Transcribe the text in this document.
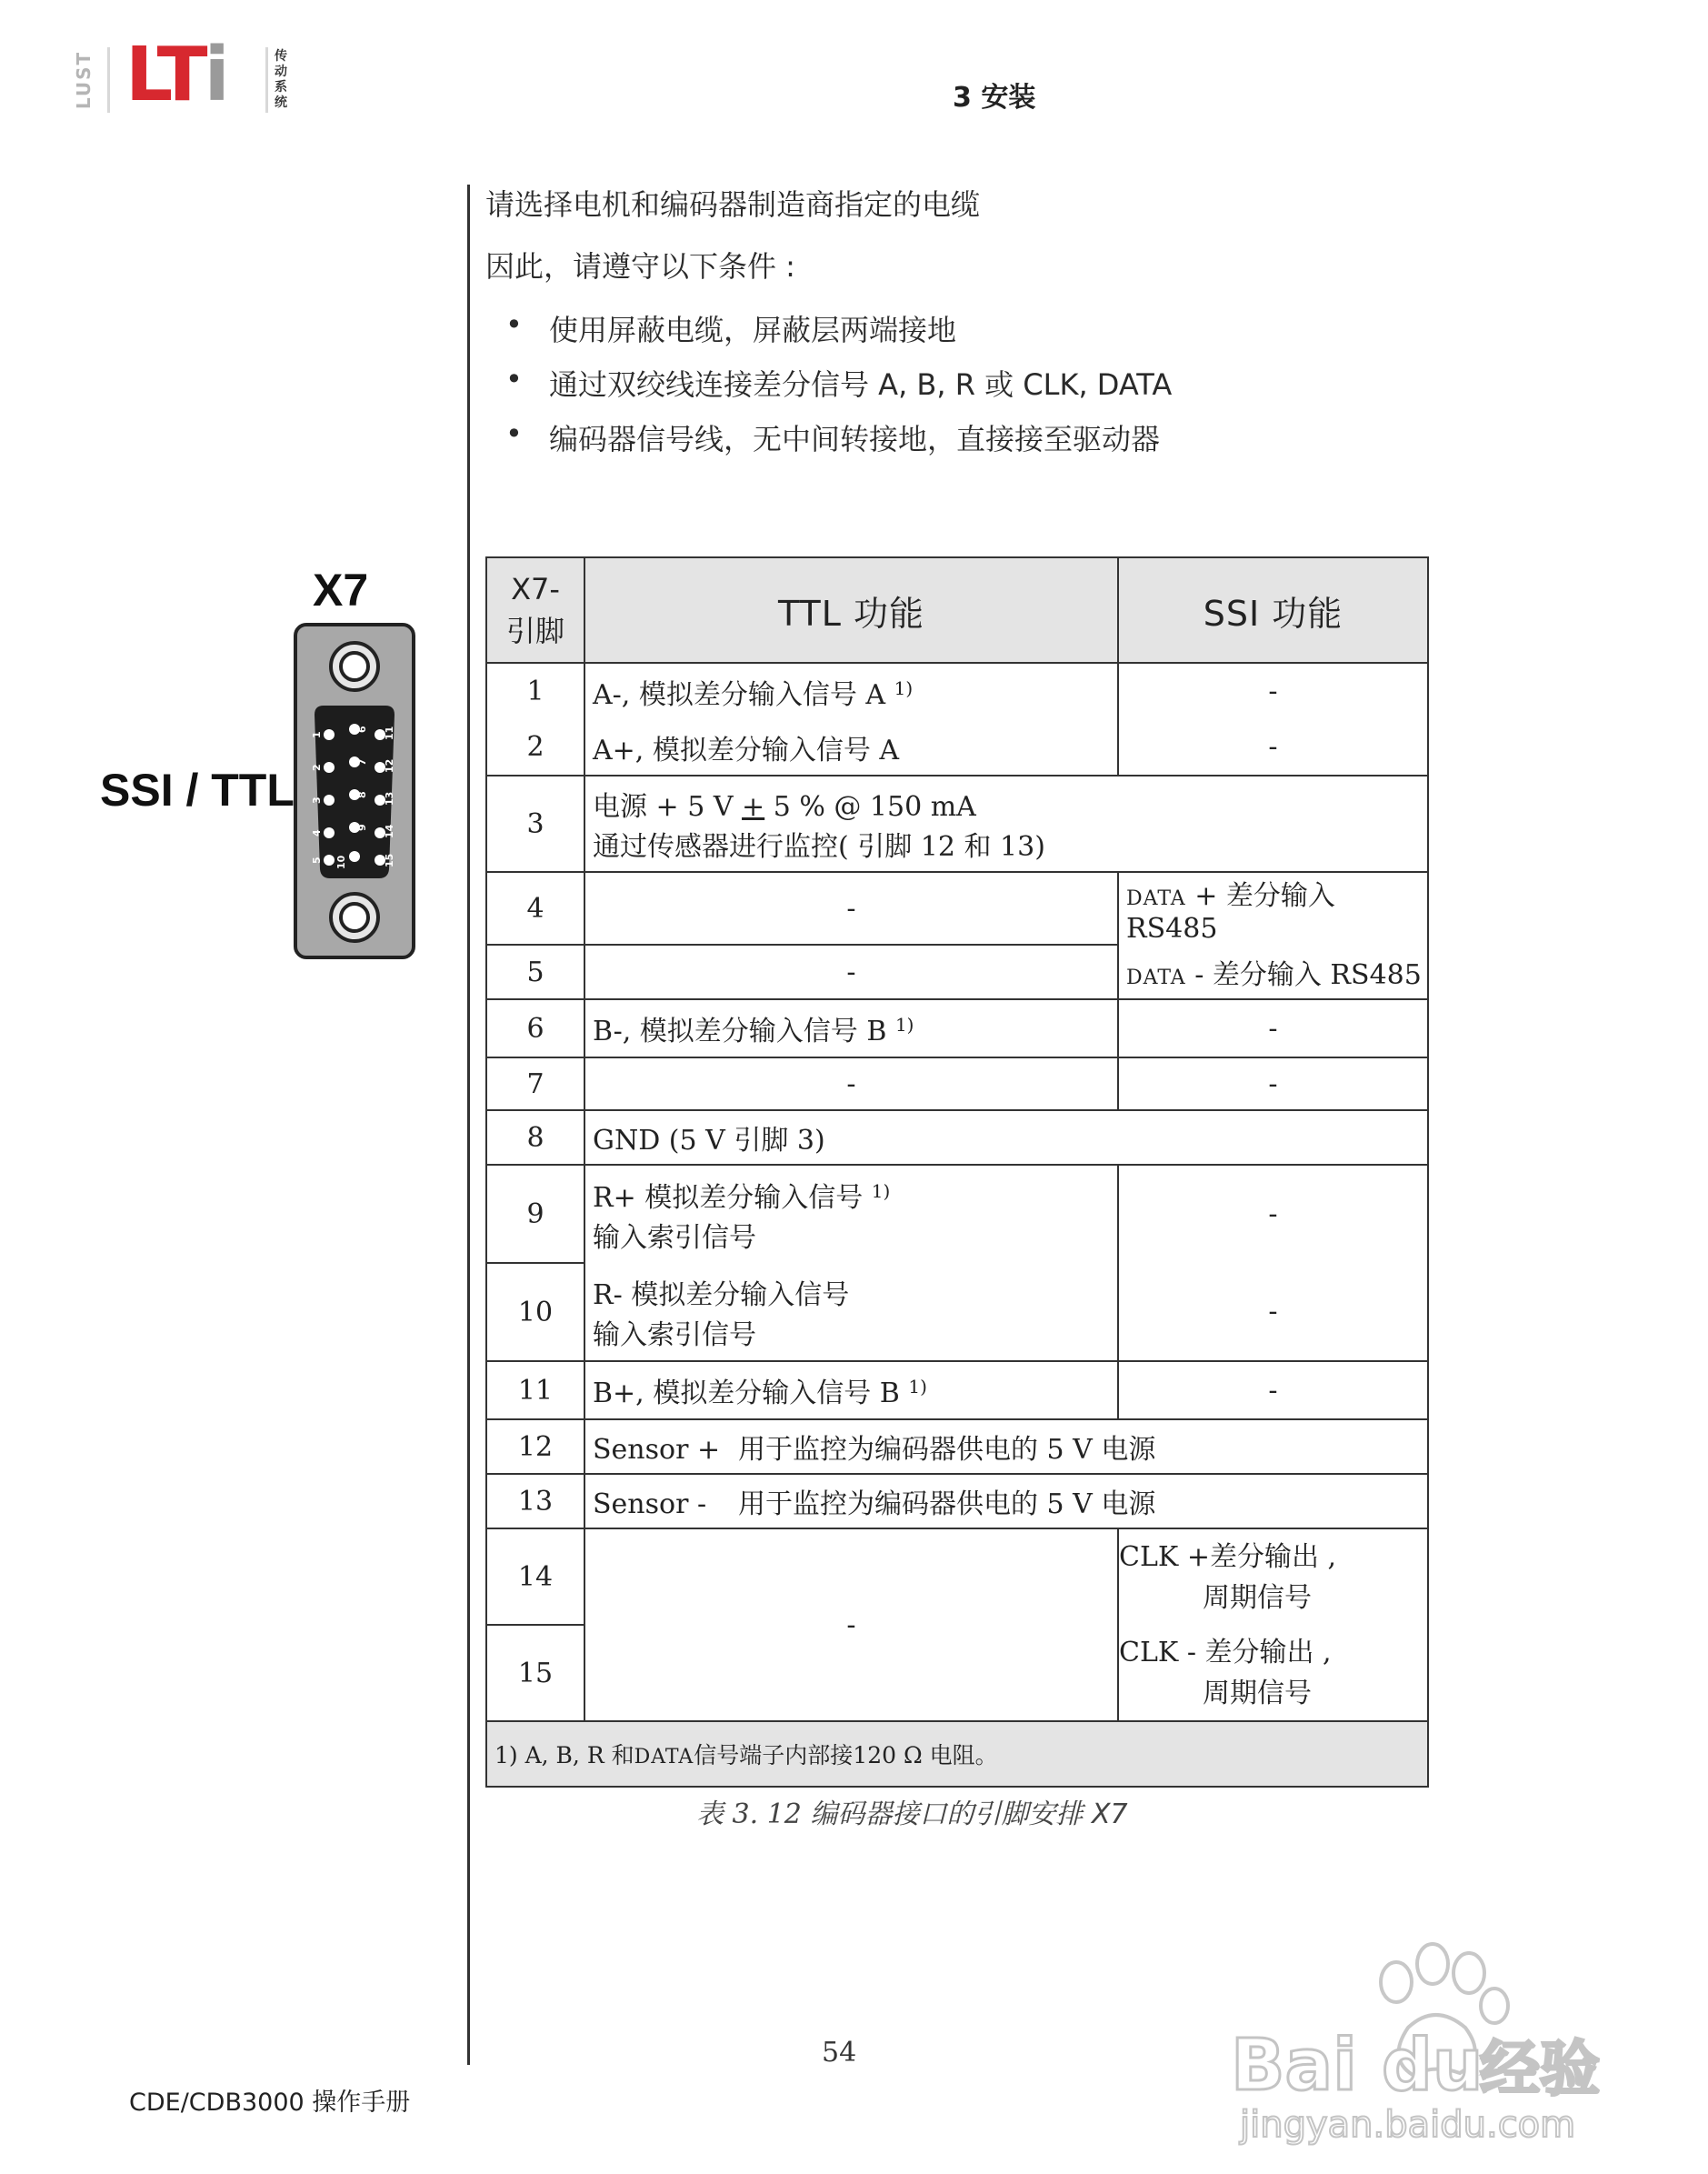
LUST LTi	传动系统	3 安装
请选择电机和编码器制造商指定的电缆
因此，请遵守以下条件 :
• 使用屏蔽电缆，屏蔽层两端接地
• 通过双绞线连接差分信号 A, B, R 或 CLK, DATA
• 编码器信号线，无中间转接地，直接接至驱动器
X7
SSI / TTL
1
2
3
4
5
6
7
8
9
10
11
12
13
14
15
X7-
引脚	TTL 功能	SSI 功能
1	A-, 模拟差分输入信号 A $^{1)}$	-
2	A+, 模拟差分输入信号 A	-
3	电源 + 5 V + 5 % @ 150 mA
通过传感器进行监控( 引脚 12 和 13)	

4	-	DATA + 差分输入 RS485
5	-	DATA - 差分输入 RS485
6	B-, 模拟差分输入信号 B $^{1)}$	-
7	-	-
8	GND (5 V 引脚 3)	
9	R+ 模拟差分输入信号 $^{1)}$
输入索引信号	-
10	R- 模拟差分输入信号
输入索引信号	-
11	B+, 模拟差分输入信号 B $^{1)}$	-
12	Sensor + 用于监控为编码器供电的 5 V 电源	
13	Sensor - 用于监控为编码器供电的 5 V 电源	
14	-	CLK +差分输出 ,
周期信号

15		CLK - 差分输出 ,
周期信号

1) A, B, R 和DATA信号端子内部接120 Ω 电阻。		
表 3. 12 编码器接口的引脚安排 X7
54
CDE/CDB3000 操作手册	Bai du
经验
jingyan.baidu.com
